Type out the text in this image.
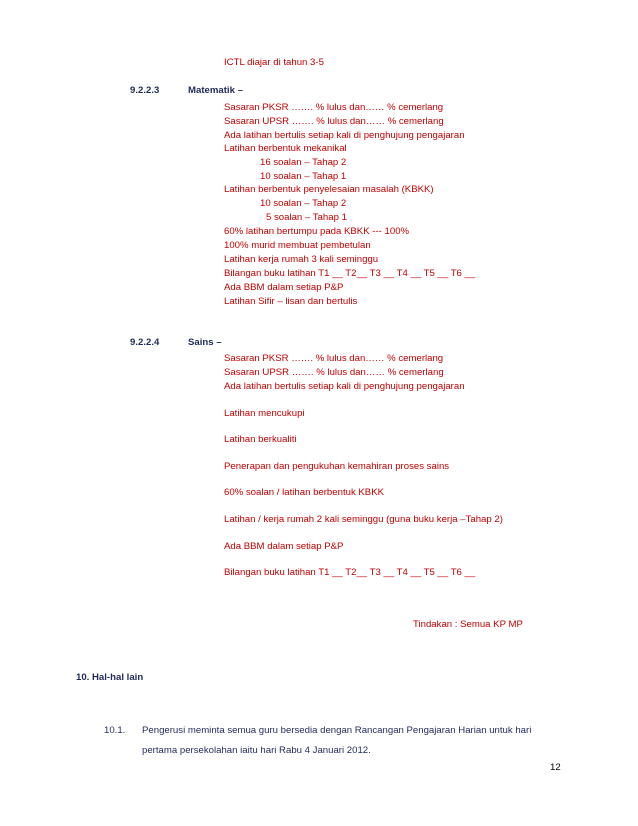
ICTL diajar di tahun 3-5
9.2.2.3	Matematik –
Sasaran PKSR ……. % lulus dan…… % cemerlang
Sasaran UPSR ……. % lulus dan…… % cemerlang
Ada latihan bertulis setiap kali di penghujung pengajaran
Latihan berbentuk mekanikal
16 soalan – Tahap 2
10 soalan – Tahap 1
Latihan berbentuk penyelesaian masalah (KBKK)
10 soalan – Tahap 2
5 soalan – Tahap 1
60% latihan bertumpu pada KBKK --- 100%
100% murid membuat pembetulan
Latihan kerja rumah 3 kali seminggu
Bilangan buku latihan T1 __ T2__ T3 __ T4 __ T5 __ T6 __
Ada BBM dalam setiap P&P
Latihan Sifir – lisan dan bertulis
9.2.2.4	Sains –
Sasaran PKSR ……. % lulus dan…… % cemerlang
Sasaran UPSR ……. % lulus dan…… % cemerlang
Ada latihan bertulis setiap kali di penghujung pengajaran
Latihan mencukupi
Latihan berkualiti
Penerapan dan pengukuhan kemahiran proses sains
60% soalan / latihan berbentuk KBKK
Latihan / kerja rumah 2 kali seminggu (guna buku kerja –Tahap 2)
Ada BBM dalam setiap P&P
Bilangan buku latihan T1 __ T2__ T3 __ T4 __ T5 __ T6 __
Tindakan : Semua KP MP
10. Hal-hal lain
10.1. Pengerusi meminta semua guru bersedia dengan Rancangan Pengajaran Harian untuk hari
pertama persekolahan iaitu hari Rabu 4 Januari 2012.
12
